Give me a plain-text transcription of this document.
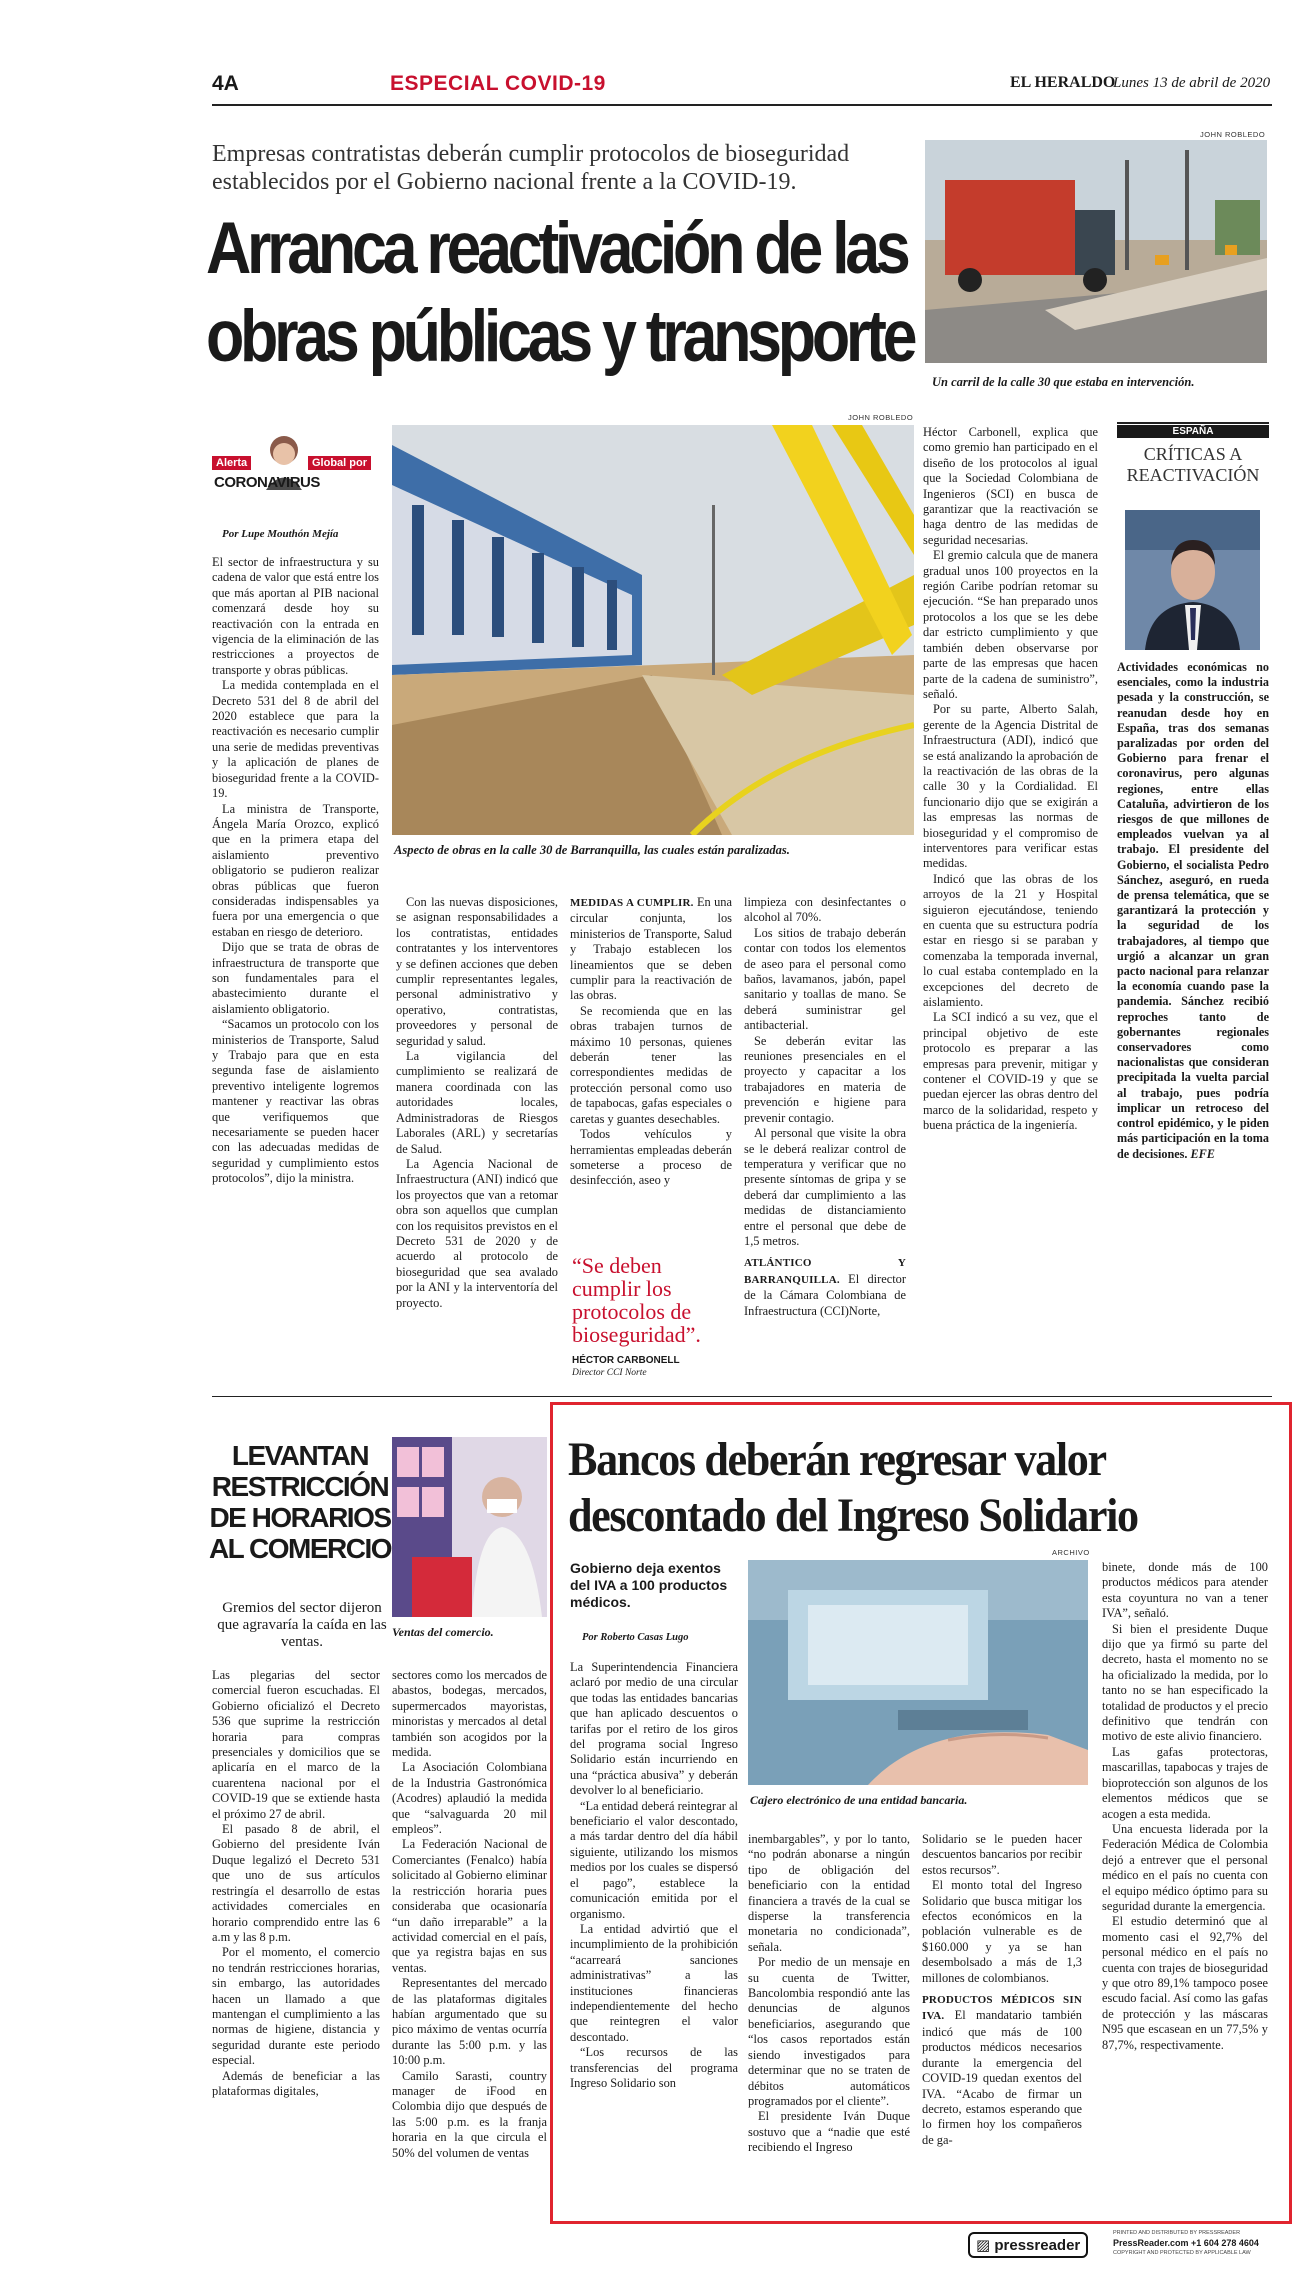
4A	ESPECIAL COVID-19	EL HERALDO
Lunes 13 de abril de 2020
Empresas contratistas deberán cumplir protocolos de bioseguridad establecidos por el Gobierno nacional frente a la COVID-19.
Arranca reactivación de las
obras públicas y transporte
JOHN ROBLEDO
Un carril de la calle 30 que estaba en intervención.
JOHN ROBLEDO
Aspecto de obras en la calle 30 de Barranquilla, las cuales están paralizadas.
Alerta	Global por
CORONAVIRUS
Por Lupe Mouthón Mejía

El sector de infraestructura y su cadena de valor que está entre los que más aportan al PIB nacional comenzará desde hoy su reactivación con la entrada en vigencia de la eliminación de las restricciones a proyectos de transporte y obras públicas.

La medida contemplada en el Decreto 531 del 8 de abril del 2020 establece que para la reactivación es necesario cumplir una serie de medidas preventivas y la aplicación de planes de bioseguridad frente a la COVID-19.

La ministra de Transporte, Ángela María Orozco, explicó que en la primera etapa del aislamiento preventivo obligatorio se pudieron realizar obras públicas que fueron consideradas indispensables ya fuera por una emergencia o que estaban en riesgo de deterioro.

Dijo que se trata de obras de infraestructura de transporte que son fundamentales para el abastecimiento durante el aislamiento obligatorio.

“Sacamos un protocolo con los ministerios de Transporte, Salud y Trabajo para que en esta segunda fase de aislamiento preventivo inteligente logremos mantener y reactivar las obras que verifiquemos que necesariamente se pueden hacer con las adecuadas medidas de seguridad y cumplimiento estos protocolos”, dijo la ministra.

Con las nuevas disposiciones, se asignan responsabilidades a los contratistas, entidades contratantes y los interventores y se definen acciones que deben cumplir representantes legales, personal administrativo y operativo, contratistas, proveedores y personal de seguridad y salud.

La vigilancia del cumplimiento se realizará de manera coordinada con las autoridades locales, Administradoras de Riesgos Laborales (ARL) y secretarías de Salud.

La Agencia Nacional de Infraestructura (ANI) indicó que los proyectos que van a retomar obra son aquellos que cumplan con los requisitos previstos en el Decreto 531 de 2020 y de acuerdo al protocolo de bioseguridad que sea avalado por la ANI y la interventoría del proyecto.

MEDIDAS A CUMPLIR. En una circular conjunta, los ministerios de Transporte, Salud y Trabajo establecen los lineamientos que se deben cumplir para la reactivación de las obras.

Se recomienda que en las obras trabajen turnos de máximo 10 personas, quienes deberán tener las correspondientes medidas de protección personal como uso de tapabocas, gafas especiales o caretas y guantes desechables.

Todos vehículos y herramientas empleadas deberán someterse a proceso de desinfección, aseo y

“Se deben cumplir los protocolos de bioseguridad”.
HÉCTOR CARBONELL
Director CCI Norte

limpieza con desinfectantes o alcohol al 70%.

Los sitios de trabajo deberán contar con todos los elementos de aseo para el personal como baños, lavamanos, jabón, papel sanitario y toallas de mano. Se deberá suministrar gel antibacterial.

Se deberán evitar las reuniones presenciales en el proyecto y capacitar a los trabajadores en materia de prevención e higiene para prevenir contagio.

Al personal que visite la obra se le deberá realizar control de temperatura y verificar que no presente síntomas de gripa y se deberá dar cumplimiento a las medidas de distanciamiento entre el personal que debe de 1,5 metros.

ATLÁNTICO Y BARRANQUILLA. El director de la Cámara Colombiana de Infraestructura (CCI)Norte,

Héctor Carbonell, explica que como gremio han participado en el diseño de los protocolos al igual que la Sociedad Colombiana de Ingenieros (SCI) en busca de garantizar que la reactivación se haga dentro de las medidas de seguridad necesarias.

El gremio calcula que de manera gradual unos 100 proyectos en la región Caribe podrían retomar su ejecución. “Se han preparado unos protocolos a los que se les debe dar estricto cumplimiento y que también deben observarse por parte de las empresas que hacen parte de la cadena de suministro”, señaló.

Por su parte, Alberto Salah, gerente de la Agencia Distrital de Infraestructura (ADI), indicó que se está analizando la aprobación de la reactivación de las obras de la calle 30 y la Cordialidad. El funcionario dijo que se exigirán a las empresas las normas de bioseguridad y el compromiso de interventores para verificar estas medidas.

Indicó que las obras de los arroyos de la 21 y Hospital siguieron ejecutándose, teniendo en cuenta que su estructura podría estar en riesgo si se paraban y comenzaba la temporada invernal, lo cual estaba contemplado en la excepciones del decreto de aislamiento.

La SCI indicó a su vez, que el principal objetivo de este protocolo es preparar a las empresas para prevenir, mitigar y contener el COVID-19 y que se puedan ejercer las obras dentro del marco de la solidaridad, respeto y buena práctica de la ingeniería.

ESPAÑA
CRÍTICAS A
REACTIVACIÓN
Actividades económicas no esenciales, como la industria pesada y la construcción, se reanudan desde hoy en España, tras dos semanas paralizadas por orden del Gobierno para frenar el coronavirus, pero algunas regiones, entre ellas Cataluña, advirtieron de los riesgos de que millones de empleados vuelvan ya al trabajo. El presidente del Gobierno, el socialista Pedro Sánchez, aseguró, en rueda de prensa telemática, que se garantizará la protección y la seguridad de los trabajadores, al tiempo que urgió a alcanzar un gran pacto nacional para relanzar la economía cuando pase la pandemia. Sánchez recibió reproches tanto de gobernantes regionales conservadores como nacionalistas que consideran precipitada la vuelta parcial al trabajo, pues podría implicar un retroceso del control epidémico, y le piden más participación en la toma de decisiones. EFE
LEVANTAN RESTRICCIÓN DE HORARIOS AL COMERCIO
Gremios del sector dijeron que agravaría la caída en las ventas.
Ventas del comercio.

Las plegarias del sector comercial fueron escuchadas. El Gobierno oficializó el Decreto 536 que suprime la restricción horaria para compras presenciales y domicilios que se aplicaría en el marco de la cuarentena nacional por el COVID-19 que se extiende hasta el próximo 27 de abril.

El pasado 8 de abril, el Gobierno del presidente Iván Duque legalizó el Decreto 531 que uno de sus artículos restringía el desarrollo de estas actividades comerciales en horario comprendido entre las 6 a.m y las 8 p.m.

Por el momento, el comercio no tendrán restricciones horarias, sin embargo, las autoridades hacen un llamado a que mantengan el cumplimiento a las normas de higiene, distancia y seguridad durante este periodo especial.

Además de beneficiar a las plataformas digitales,

sectores como los mercados de abastos, bodegas, mercados, supermercados mayoristas, minoristas y mercados al detal también son acogidos por la medida.

La Asociación Colombiana de la Industria Gastronómica (Acodres) aplaudió la medida que “salvaguarda 20 mil empleos”.

La Federación Nacional de Comerciantes (Fenalco) había solicitado al Gobierno eliminar la restricción horaria pues consideraba que ocasionaría “un daño irreparable” a la actividad comercial en el país, que ya registra bajas en sus ventas.

Representantes del mercado de las plataformas digitales habían argumentado que su pico máximo de ventas ocurría durante las 5:00 p.m. y las 10:00 p.m.

Camilo Sarasti, country manager de iFood en Colombia dijo que después de las 5:00 p.m. es la franja horaria en la que circula el 50% del volumen de ventas

Bancos deberán regresar valor
descontado del Ingreso Solidario
Gobierno deja exentos del IVA a 100 productos médicos.
Por Roberto Casas Lugo
ARCHIVO
Cajero electrónico de una entidad bancaria.

La Superintendencia Financiera aclaró por medio de una circular que todas las entidades bancarias que han aplicado descuentos o tarifas por el retiro de los giros del programa social Ingreso Solidario están incurriendo en una “práctica abusiva” y deberán devolver lo al beneficiario.

“La entidad deberá reintegrar al beneficiario el valor descontado, a más tardar dentro del día hábil siguiente, utilizando los mismos medios por los cuales se dispersó el pago”, establece la comunicación emitida por el organismo.

La entidad advirtió que el incumplimiento de la prohibición “acarreará sanciones administrativas” a las instituciones financieras independientemente del hecho que reintegren el valor descontado.

“Los recursos de las transferencias del programa Ingreso Solidario son

inembargables”, y por lo tanto, “no podrán abonarse a ningún tipo de obligación del beneficiario con la entidad financiera a través de la cual se disperse la transferencia monetaria no condicionada”, señala.

Por medio de un mensaje en su cuenta de Twitter, Bancolombia respondió ante las denuncias de algunos beneficiarios, asegurando que “los casos reportados están siendo investigados para determinar que no se traten de débitos automáticos programados por el cliente”.

El presidente Iván Duque sostuvo que a “nadie que esté recibiendo el Ingreso

Solidario se le pueden hacer descuentos bancarios por recibir estos recursos”.

El monto total del Ingreso Solidario que busca mitigar los efectos económicos en la población vulnerable es de $160.000 y ya se han desembolsado a más de 1,3 millones de colombianos.

PRODUCTOS MÉDICOS SIN IVA. El mandatario también indicó que más de 100 productos médicos necesarios durante la emergencia del COVID-19 quedan exentos del IVA. “Acabo de firmar un decreto, estamos esperando que lo firmen hoy los compañeros de ga-

binete, donde más de 100 productos médicos para atender esta coyuntura no van a tener IVA”, señaló.

Si bien el presidente Duque dijo que ya firmó su parte del decreto, hasta el momento no se ha oficializado la medida, por lo tanto no se han especificado la totalidad de productos y el precio definitivo que tendrán con motivo de este alivio financiero.

Las gafas protectoras, mascarillas, tapabocas y trajes de bioprotección son algunos de los elementos médicos que se acogen a esta medida.

Una encuesta liderada por la Federación Médica de Colombia dejó a entrever que el personal médico en el país no cuenta con el equipo médico óptimo para su seguridad durante la emergencia.

El estudio determinó que al momento casi el 92,7% del personal médico en el país no cuenta con trajes de bioseguridad y que otro 89,1% tampoco posee escudo facial. Así como las gafas de protección y las máscaras N95 que escasean en un 77,5% y 87,7%, respectivamente.

▨ pressreader
PRINTED AND DISTRIBUTED BY PRESSREADER
PressReader.com +1 604 278 4604
COPYRIGHT AND PROTECTED BY APPLICABLE LAW
